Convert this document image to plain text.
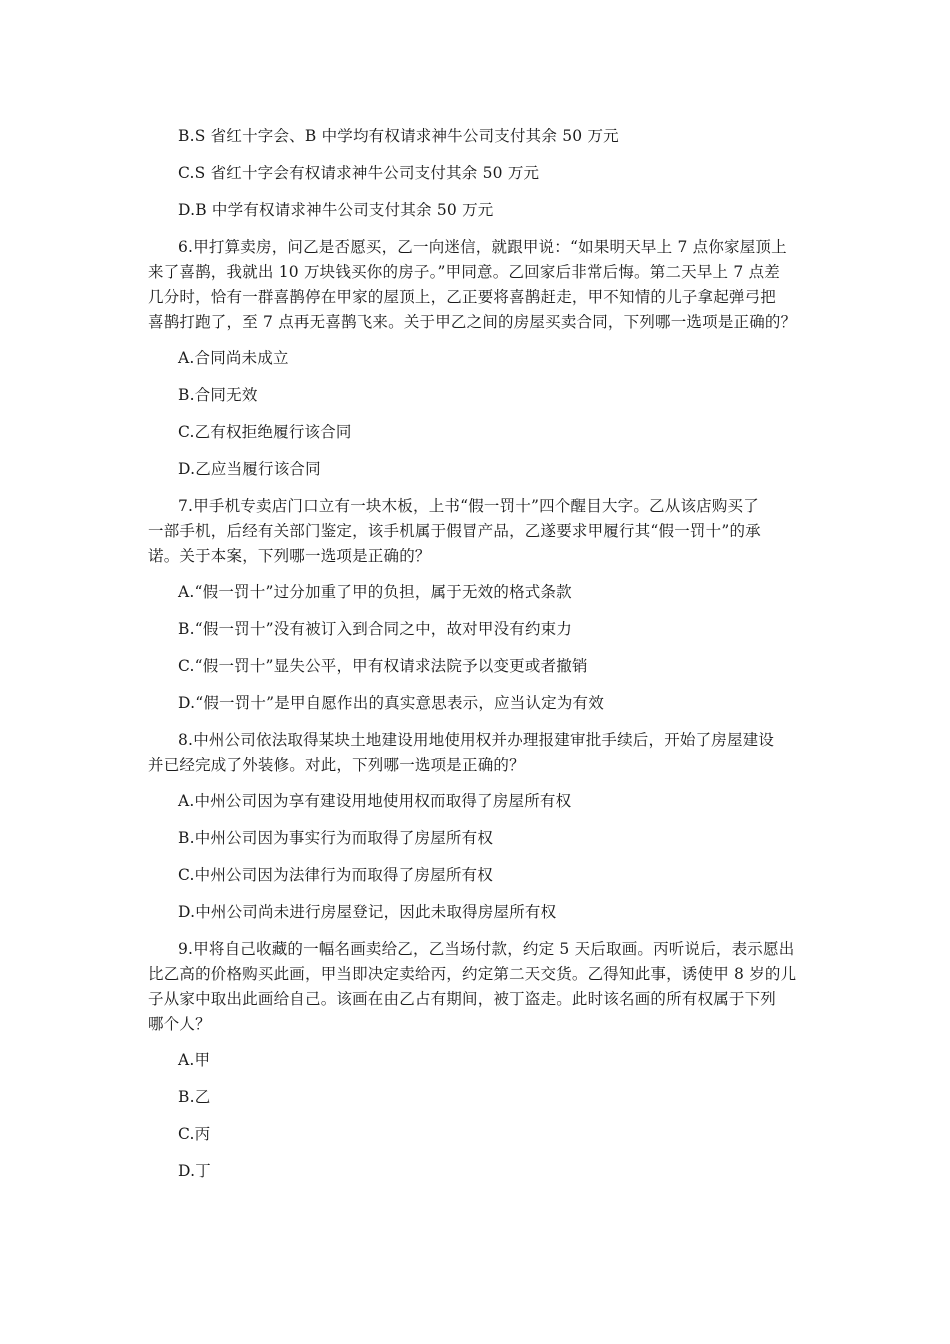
B.S 省红十字会、B 中学均有权请求神牛公司支付其余 50 万元
C.S 省红十字会有权请求神牛公司支付其余 50 万元
D.B 中学有权请求神牛公司支付其余 50 万元
6.甲打算卖房，问乙是否愿买，乙一向迷信，就跟甲说：“如果明天早上 7 点你家屋顶上
来了喜鹊，我就出 10 万块钱买你的房子。”甲同意。乙回家后非常后悔。第二天早上 7 点差
几分时，恰有一群喜鹊停在甲家的屋顶上，乙正要将喜鹊赶走，甲不知情的儿子拿起弹弓把
喜鹊打跑了，至 7 点再无喜鹊飞来。关于甲乙之间的房屋买卖合同，下列哪一选项是正确的？
A.合同尚未成立
B.合同无效
C.乙有权拒绝履行该合同
D.乙应当履行该合同
7.甲手机专卖店门口立有一块木板，上书“假一罚十”四个醒目大字。乙从该店购买了
一部手机，后经有关部门鉴定，该手机属于假冒产品，乙遂要求甲履行其“假一罚十”的承
诺。关于本案，下列哪一选项是正确的？
A.“假一罚十”过分加重了甲的负担，属于无效的格式条款
B.“假一罚十”没有被订入到合同之中，故对甲没有约束力
C.“假一罚十”显失公平，甲有权请求法院予以变更或者撤销
D.“假一罚十”是甲自愿作出的真实意思表示，应当认定为有效
8.中州公司依法取得某块土地建设用地使用权并办理报建审批手续后，开始了房屋建设
并已经完成了外装修。对此，下列哪一选项是正确的？
A.中州公司因为享有建设用地使用权而取得了房屋所有权
B.中州公司因为事实行为而取得了房屋所有权
C.中州公司因为法律行为而取得了房屋所有权
D.中州公司尚未进行房屋登记，因此未取得房屋所有权
9.甲将自己收藏的一幅名画卖给乙，乙当场付款，约定 5 天后取画。丙听说后，表示愿出
比乙高的价格购买此画，甲当即决定卖给丙，约定第二天交货。乙得知此事，诱使甲 8 岁的儿
子从家中取出此画给自己。该画在由乙占有期间，被丁盗走。此时该名画的所有权属于下列
哪个人？
A.甲
B.乙
C.丙
D.丁
